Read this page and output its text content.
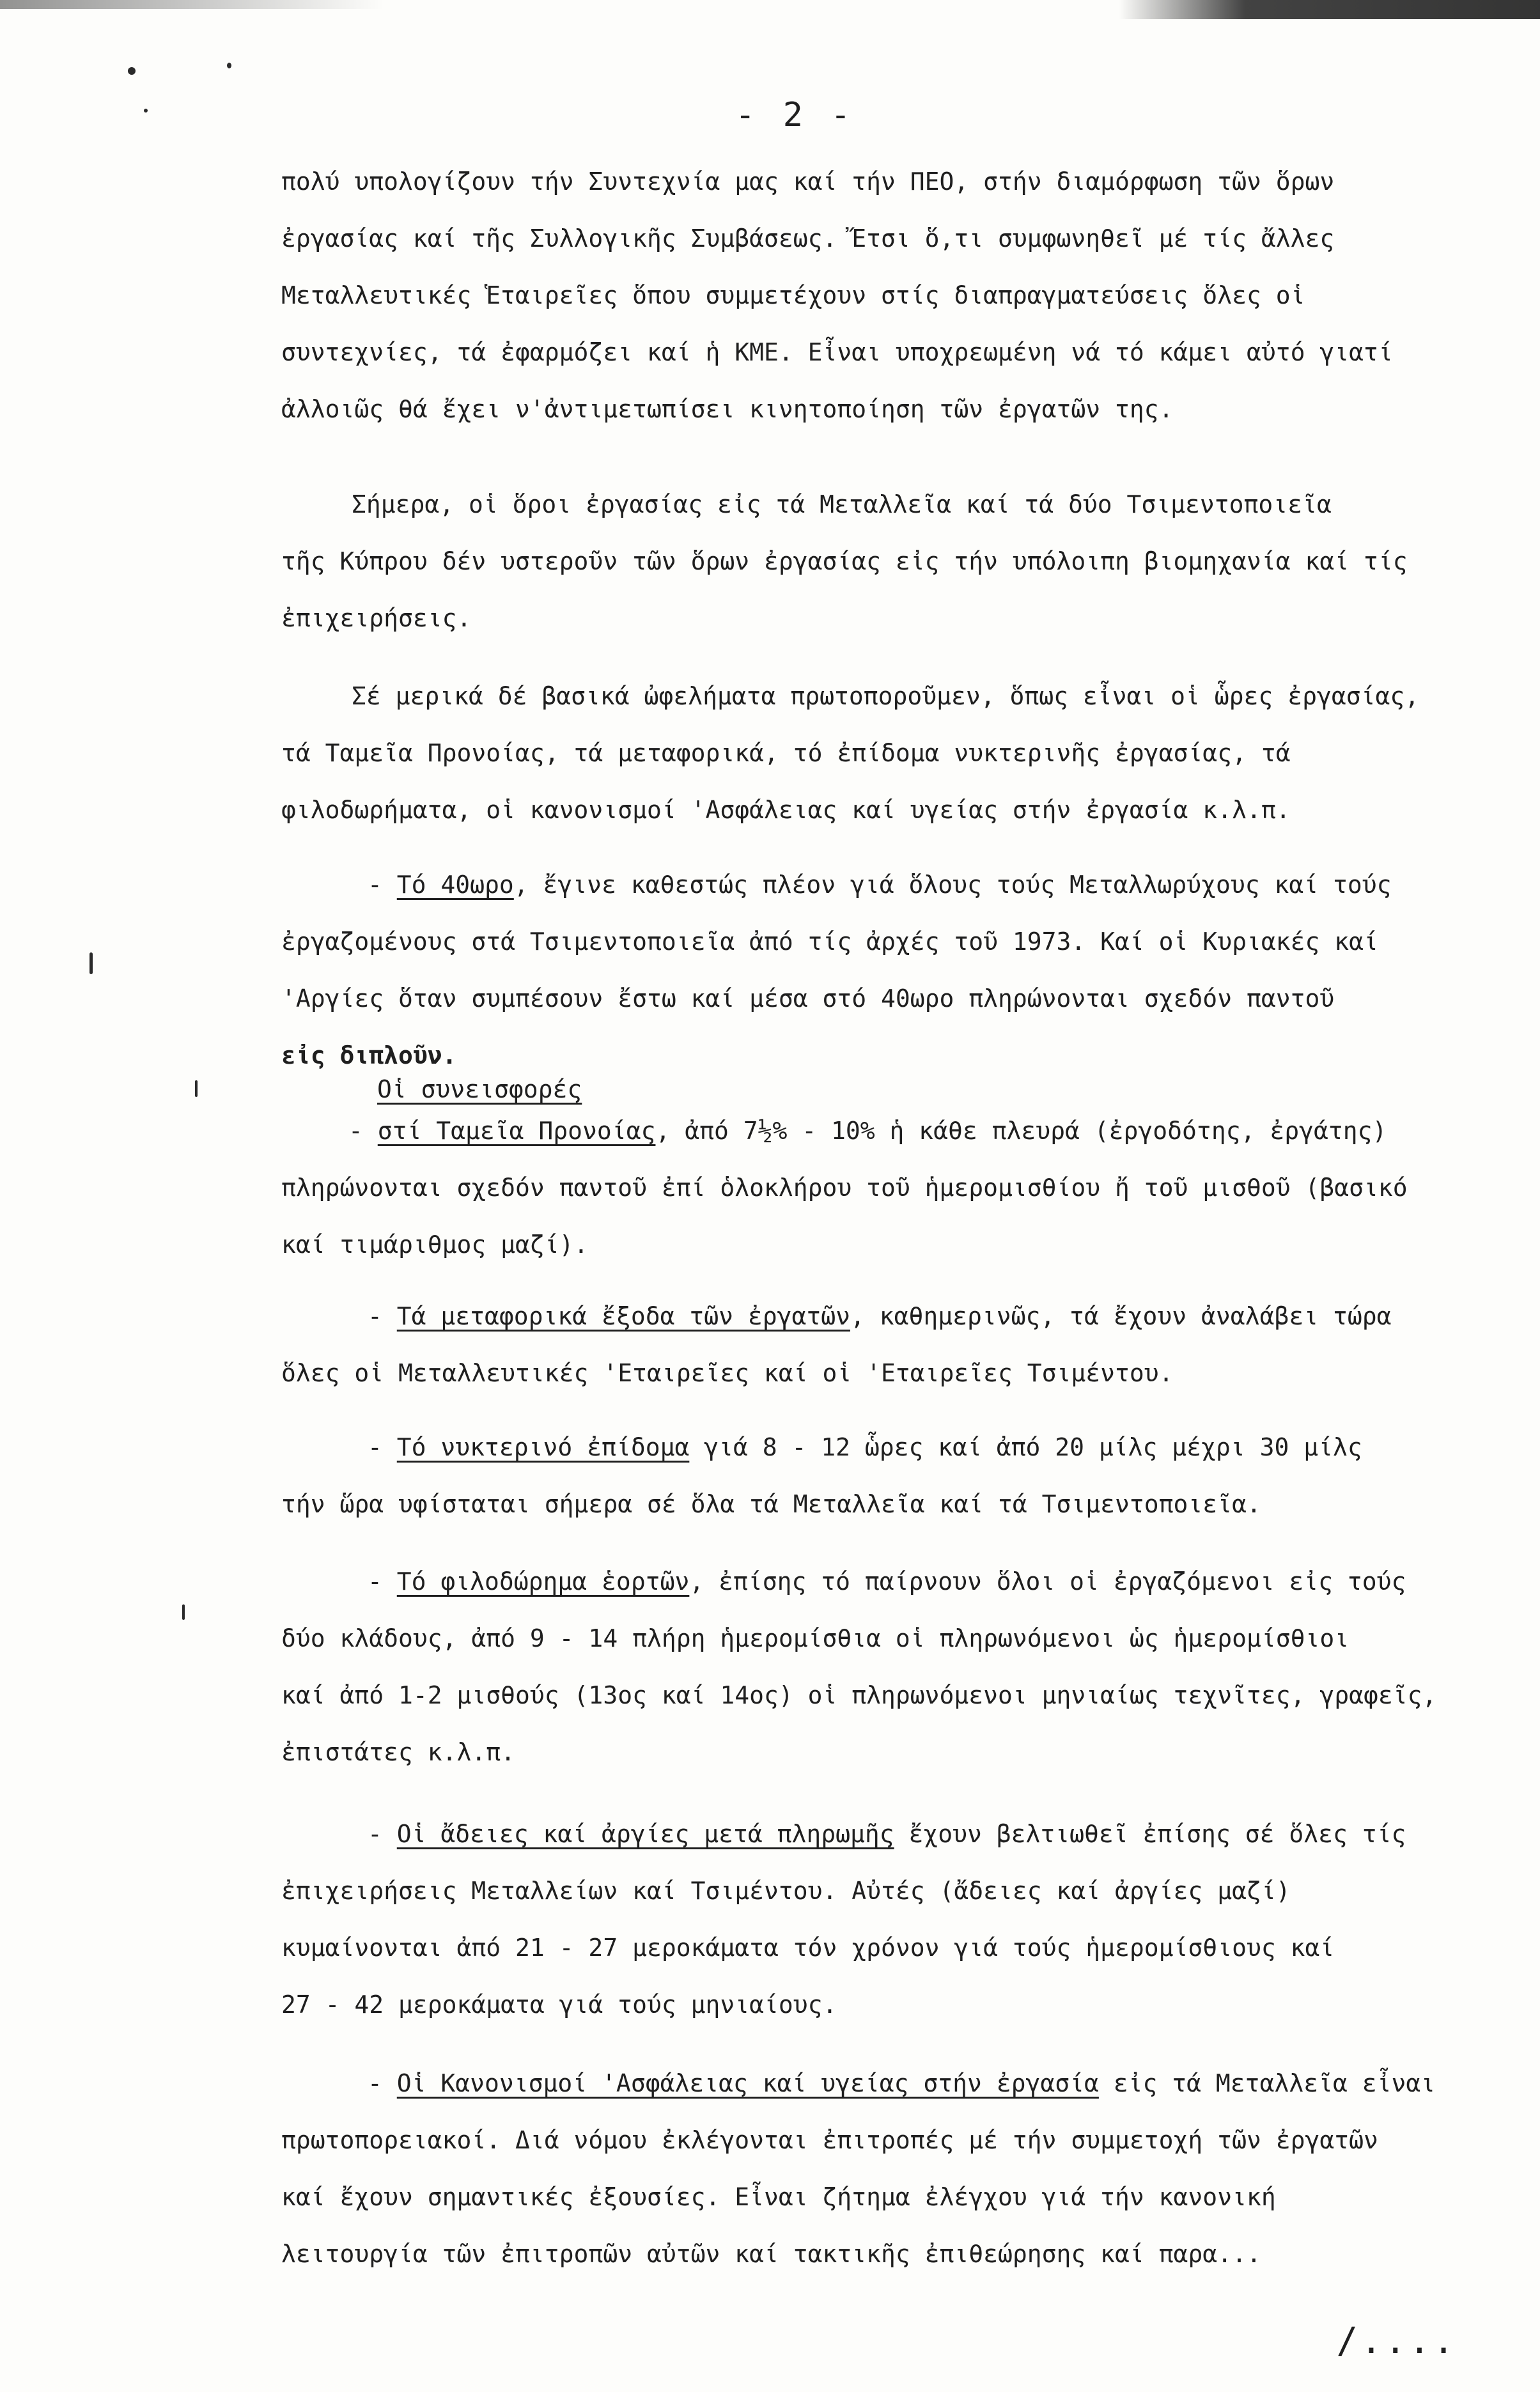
- 2 -
πολύ υπολογίζουν τήν Συντεχνία μας καί τήν ΠΕΟ, στήν διαμόρφωση τῶν ὅρων
ἐργασίας καί τῆς Συλλογικῆς Συμβάσεως. Ἔτσι ὅ,τι συμφωνηθεῖ μέ τίς ἄλλες
Μεταλλευτικές Ἑταιρεῖες ὅπου συμμετέχουν στίς διαπραγματεύσεις ὅλες οἱ
συντεχνίες, τά ἐφαρμόζει καί ἡ ΚΜΕ. Εἶναι υποχρεωμένη νά τό κάμει αὐτό γιατί
ἀλλοιῶς θά ἔχει ν'ἀντιμετωπίσει κινητοποίηση τῶν ἐργατῶν της.
Σήμερα, οἱ ὅροι ἐργασίας εἰς τά Μεταλλεῖα καί τά δύο Τσιμεντοποιεῖα
τῆς Κύπρου δέν υστεροῦν τῶν ὅρων ἐργασίας εἰς τήν υπόλοιπη βιομηχανία καί τίς
ἐπιχειρήσεις.
Σέ μερικά δέ βασικά ὠφελήματα πρωτοποροῦμεν, ὅπως εἶναι οἱ ὧρες ἐργασίας,
τά Ταμεῖα Προνοίας, τά μεταφορικά, τό ἐπίδομα νυκτερινῆς ἐργασίας, τά
φιλοδωρήματα, οἱ κανονισμοί 'Ασφάλειας καί υγείας στήν ἐργασία κ.λ.π.
- Τό 40ωρο, ἔγινε καθεστώς πλέον γιά ὅλους τούς Μεταλλωρύχους καί τούς
ἐργαζομένους στά Τσιμεντοποιεῖα ἀπό τίς ἀρχές τοῦ 1973. Καί οἱ Κυριακές καί
'Αργίες ὅταν συμπέσουν ἔστω καί μέσα στό 40ωρο πληρώνονται σχεδόν παντοῦ
εἰς διπλοῦν.
Οἱ συνεισφορές
- στί Ταμεῖα Προνοίας, ἀπό 7½% - 10% ἡ κάθε πλευρά (ἐργοδότης, ἐργάτης)
πληρώνονται σχεδόν παντοῦ ἐπί ὁλοκλήρου τοῦ ἡμερομισθίου ἤ τοῦ μισθοῦ (βασικό
καί τιμάριθμος μαζί).
- Τά μεταφορικά ἔξοδα τῶν ἐργατῶν, καθημερινῶς, τά ἔχουν ἀναλάβει τώρα
ὅλες οἱ Μεταλλευτικές 'Εταιρεῖες καί οἱ 'Εταιρεῖες Τσιμέντου.
- Τό νυκτερινό ἐπίδομα γιά 8 - 12 ὧρες καί ἀπό 20 μίλς μέχρι 30 μίλς
τήν ὥρα υφίσταται σήμερα σέ ὅλα τά Μεταλλεῖα καί τά Τσιμεντοποιεῖα.
- Τό φιλοδώρημα ἑορτῶν, ἐπίσης τό παίρνουν ὅλοι οἱ ἐργαζόμενοι εἰς τούς
δύο κλάδους, ἀπό 9 - 14 πλήρη ἡμερομίσθια οἱ πληρωνόμενοι ὡς ἡμερομίσθιοι
καί ἀπό 1-2 μισθούς (13ος καί 14ος) οἱ πληρωνόμενοι μηνιαίως τεχνῖτες, γραφεῖς,
ἐπιστάτες κ.λ.π.
- Οἱ ἄδειες καί ἀργίες μετά πληρωμῆς ἔχουν βελτιωθεῖ ἐπίσης σέ ὅλες τίς
ἐπιχειρήσεις Μεταλλείων καί Τσιμέντου. Αὐτές (ἄδειες καί ἀργίες μαζί)
κυμαίνονται ἀπό 21 - 27 μεροκάματα τόν χρόνον γιά τούς ἡμερομίσθιους καί
27 - 42 μεροκάματα γιά τούς μηνιαίους.
- Οἱ Κανονισμοί 'Ασφάλειας καί υγείας στήν ἐργασία εἰς τά Μεταλλεῖα εἶναι
πρωτοπορειακοί. Διά νόμου ἐκλέγονται ἐπιτροπές μέ τήν συμμετοχή τῶν ἐργατῶν
καί ἔχουν σημαντικές ἐξουσίες. Εἶναι ζήτημα ἐλέγχου γιά τήν κανονική
λειτουργία τῶν ἐπιτροπῶν αὐτῶν καί τακτικῆς ἐπιθεώρησης καί παρα...
/....
